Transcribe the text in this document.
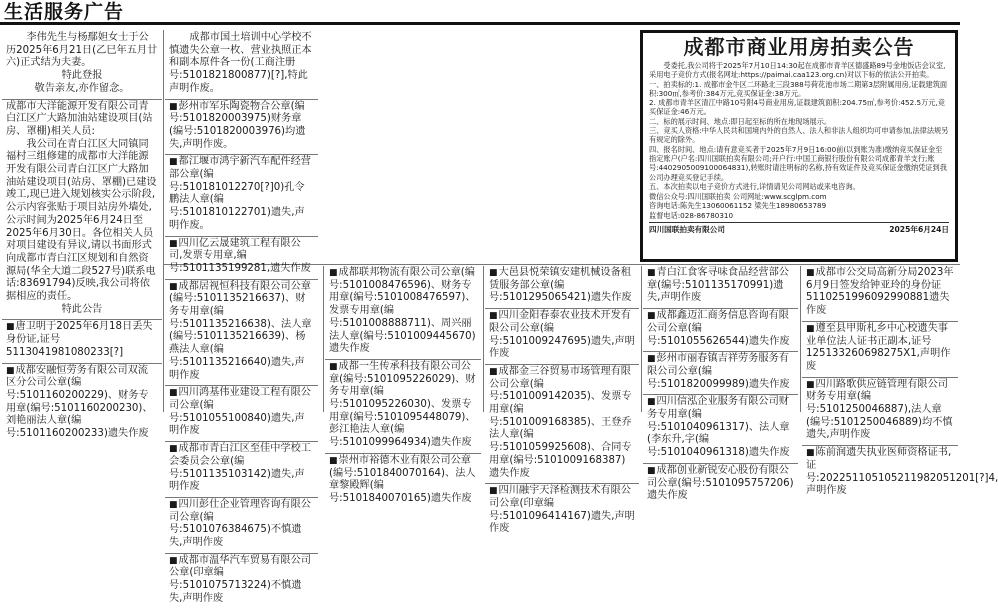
生活服务广告

李伟先生与杨鄢妲女士于公历2025年6月21日(乙巳年五月廿六)正式结为夫妻。

特此登报

敬告亲友,亦作留念。

成都市大洋能源开发有限公司青白江区广大路加油站建设项目(站房、罩棚)相关人员:

我公司在青白江区大同镇同福村三组修建的成都市大洋能源开发有限公司青白江区广大路加油站建设项目(站房、罩棚)已建设竣工,现已进入规划核实公示阶段,公示内容张贴于项目站房外墙处,公示时间为2025年6月24日至2025年6月30日。各位相关人员对项目建设有异议,请以书面形式向成都市青白江区规划和自然资源局(华全大道二段527号)联系电话:83691794)反映,我公司将依据相应的责任。

特此公告

■唐卫明于2025年6月18日丢失身份证,证号5113041981080233[?]

■成都安融恒劳务有限公司双流区分公司公章(编号:5101160200229)、财务专用章(编号:5101160200230)、刘艳丽法人章(编号:5101160200233)遗失作废

成都市国土培训中心学校不慎遗失公章一枚、营业执照正本和副本原件各一份(工商注册号:5101821800877)[?],特此声明作废。

■彭州市军乐陶瓷物合公章(编号:5101820003975)财务章(编号:5101820003976)均遗失,声明作废。

■都江堰市鸿宇新汽车配件经营部公章(编号:510181012270[?]0)孔令鹏法人章(编号:5101810122701)遗失,声明作废。

■四川亿云晟建筑工程有限公司,发票专用章,编号:5101135199281,遗失作废

■成都居视恒科技有限公司公章(编号:5101135216637)、财务专用章(编号:5101135216638)、法人章(编号:5101135216639)、杨燕法人章(编号:5101135216640)遗失,声明作废

■四川鸿基伟业建设工程有限公司公章(编号:5101055100840)遗失,声明作废

■成都市青白江区至佳中学校工会委员会公章(编号:5101135103142)遗失,声明作废

■四川彭仕企业管理咨询有限公司公章(编号:5101076384675)不慎遗失,声明作废

■成都市温华汽车贸易有限公司公章(印章编号:5101075713224)不慎遗失,声明作废

■成都联邦物流有限公司公章(编号:5101008476596)、财务专用章(编号:5101008476597)、发票专用章(编号:5101008888711)、周兴丽法人章(编号:5101009445670)遗失作废

■成都一生传承科技有限公司公章(编号:5101095226029)、财务专用章(编号:5101095226030)、发票专用章(编号:5101095448079)、彭江艳法人章(编号:5101099964934)遗失作废

■崇州市裕德木业有限公司公章(编号:5101840070164)、法人章黎殿辉(编号:5101840070165)遗失作废

■大邑县悦荣镇安建机械设备租赁服务部公章(编号:5101295065421)遗失作废

■四川金阳春泰农业技术开发有限公司公章(编号:5101009247695)遗失,声明作废

■成都金三谷贸易市场管理有限公司公章(编号:5101009142035)、发票专用章(编号:5101009168385)、王登乔法人章(编号:5101059925608)、合同专用章(编号:5101009168387)遗失作废

■四川融宇天泽检测技术有限公司公章(印章编号:5101096414167)遗失,声明作废

■青白江食客寻味食品经营部公章(编号:5101135170991)遗失,声明作废

■成都鑫迈汇商务信息咨询有限公司公章(编号:5101055626544)遗失作废

■彭州市丽春镇吉祥劳务服务有限公司公章(编号:5101820099989)遗失作废

■四川信泓企业服务有限公司财务专用章(编号:5101040961317)、法人章(李东升,字(编号:5101040961318)遗失作废

■成都创业新锐安心股份有限公司公章(编号:5101095757206)遗失作废

■成都市公交局高新分局2023年6月9日签发给钟亚玲的身份证5110251996092990881遗失作废

■遵至县甲斯札乡中心校遗失事业单位法人证书正副本,证号125133260698275X1,声明作废

■四川路歌供应链管理有限公司财务专用章(编号:5101250046887),法人章(编号:5101250046889)均不慎遗失,声明作废

■陈前润遗失执业医师资格证书,证号:202251105105211982051201[?]4,声明作废

成都市商业用房拍卖公告

受委托,我公司将于2025年7月10日14:30起在成都市青羊区德盛路89号金地饭店会议室,采用电子竞价方式(报名网址:https://paimai.caa123.org.cn)对以下标的依法公开拍卖。

一、拍卖标的:1. 成都市金牛区二环路北三段388号荷花池市场二期第3层附属用房,证载建筑面积:300㎡,参考价:384万元,竞买保证金:38万元。

2. 成都市青羊区清江中路10号附4号商业用房,证载建筑面积:204.75㎡,参考价:452.5万元,竞买保证金:46万元。

二、标的展示时间、地点:即日起至标的所在地现场展示。

三、竞买人资格:中华人民共和国境内外的自然人、法人和非法人组织均可申请参加,法律法规另有规定的除外。

四、报名时间、地点:请有意竞买者于2025年7月9日16:00前(以到账为准)缴纳竞买保证金至指定账户(户名:四川国联拍卖有限公司;开户行:中国工商银行股份有限公司成都青羊支行;账号:4402905009100064831),转账时请注明标的名称,持有效证件及竞买保证金缴纳凭证到我公司办理竞买登记手续。

五、本次拍卖以电子竞价方式进行,详情请见公司网站或来电咨询。

微信公众号:四川国联拍卖 公司网址:www.scglpm.com

咨询电话:陈先生13060061152 梁先生18980653789

监督电话:028-86780310

四川国联拍卖有限公司	2025年6月24日
